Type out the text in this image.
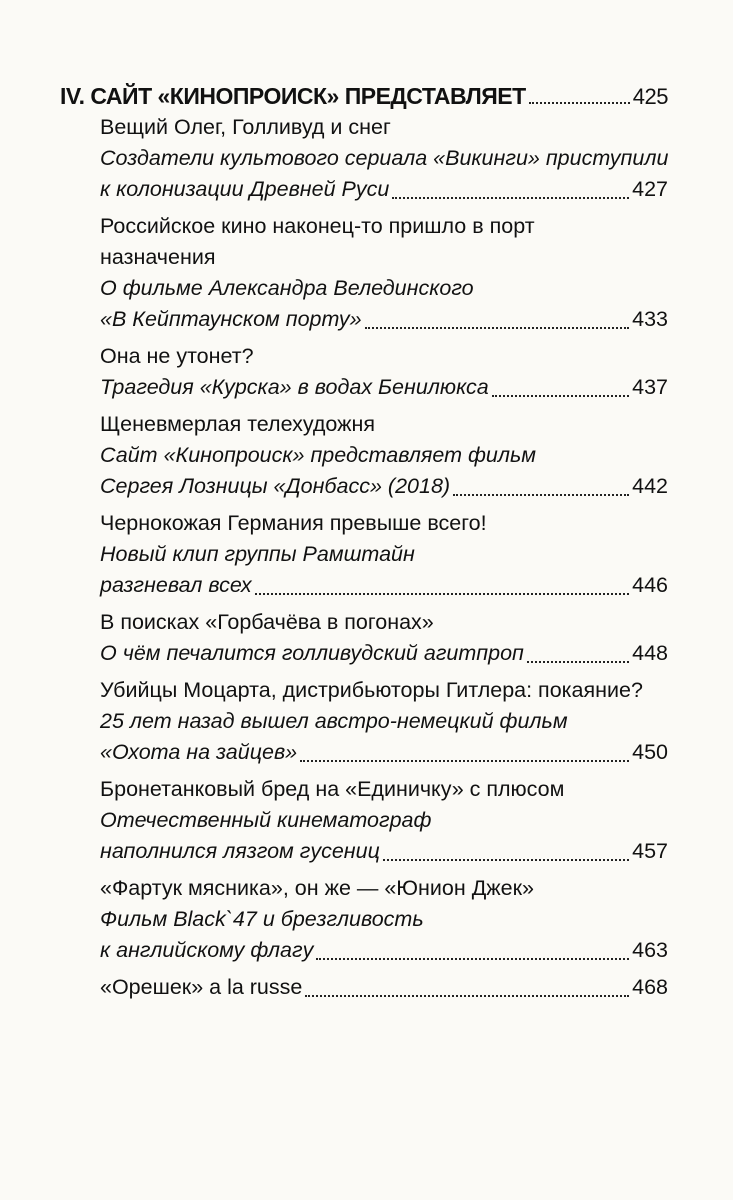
IV. САЙТ «КИНОПРОИСК» ПРЕДСТАВЛЯЕТ	425
Вещий Олег, Голливуд и снег
Создатели культового сериала «Викинги» приступили
к колонизации Древней Руси	427
Российское кино наконец-то пришло в порт
назначения
О фильме Александра Велединского
«В Кейптаунском порту»	433
Она не утонет?
Трагедия «Курска» в водах Бенилюкса	437
Щеневмерлая телехудожня
Сайт «Кинопроиск» представляет фильм
Сергея Лозницы «Донбасс» (2018)	442
Чернокожая Германия превыше всего!
Новый клип группы Рамштайн
разгневал всех	446
В поисках «Горбачёва в погонах»
О чём печалится голливудский агитпроп	448
Убийцы Моцарта, дистрибьюторы Гитлера: покаяние?
25 лет назад вышел австро-немецкий фильм
«Охота на зайцев»	450
Бронетанковый бред на «Единичку» с плюсом
Отечественный кинематограф
наполнился лязгом гусениц	457
«Фартук мясника», он же — «Юнион Джек»
Фильм Black`47 и брезгливость
к английскому флагу	463
«Орешек» a la russe	468
